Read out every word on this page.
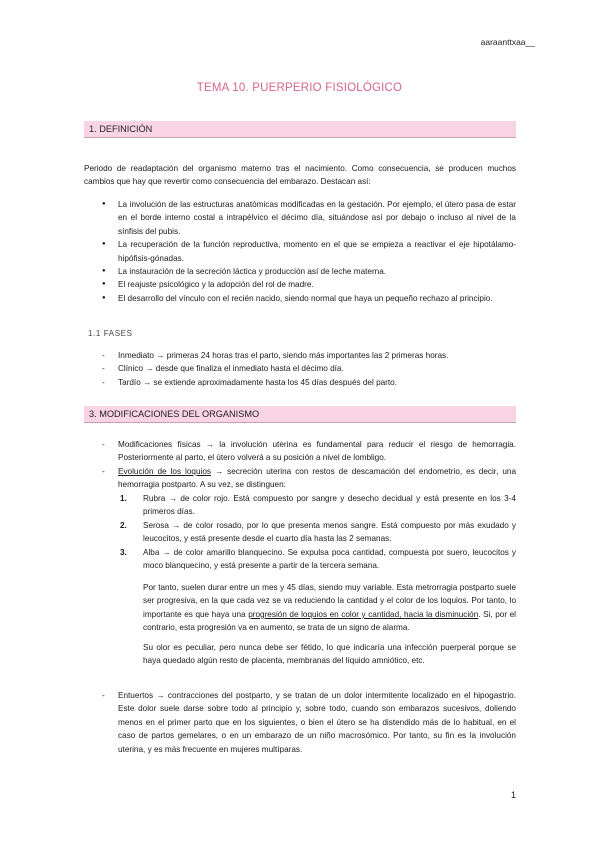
aaraanttxaa__
TEMA 10. PUERPERIO FISIOLÓGICO
1. DEFINICIÓN
Periodo de readaptación del organismo materno tras el nacimiento. Como consecuencia, se producen muchos cambios que hay que revertir como consecuencia del embarazo. Destacan así:
● La involución de las estructuras anatómicas modificadas en la gestación. Por ejemplo, el útero pasa de estar en el borde interno costal a intrapélvico el décimo día, situándose así por debajo o incluso al nivel de la sínfisis del pubis.
● La recuperación de la función reproductiva, momento en el que se empieza a reactivar el eje hipotálamo-hipófisis-gónadas.
● La instauración de la secreción láctica y producción así de leche materna.
● El reajuste psicológico y la adopción del rol de madre.
● El desarrollo del vínculo con el recién nacido, siendo normal que haya un pequeño rechazo al principio.
1.1 FASES
- Inmediato → primeras 24 horas tras el parto, siendo más importantes las 2 primeras horas.
- Clínico → desde que finaliza el inmediato hasta el décimo día.
- Tardío → se extiende aproximadamente hasta los 45 días después del parto.
3. MODIFICACIONES DEL ORGANISMO
- Modificaciones físicas → la involución uterina es fundamental para reducir el riesgo de hemorragia. Posteriormente al parto, el útero volverá a su posición a nivel de lombligo.
- Evolución de los loquios → secreción uterina con restos de descamación del endometrio, es decir, una hemorragia postparto. A su vez, se distinguen:
1. Rubra → de color rojo. Está compuesto por sangre y desecho decidual y está presente en los 3-4 primeros días.
2. Serosa → de color rosado, por lo que presenta menos sangre. Está compuesto por más exudado y leucocitos, y está presente desde el cuarto día hasta las 2 semanas.
3. Alba → de color amarillo blanquecino. Se expulsa poca cantidad, compuesta por suero, leucocitos y moco blanquecino, y está presente a partir de la tercera semana.
Por tanto, suelen durar entre un mes y 45 días, siendo muy variable. Esta metrorragia postparto suele ser progresiva, en la que cada vez se va reduciendo la cantidad y el color de los loquios. Por tanto, lo importante es que haya una progresión de loquios en color y cantidad, hacia la disminución. Si, por el contrario, esta progresión va en aumento, se trata de un signo de alarma.
Su olor es peculiar, pero nunca debe ser fétido, lo que indicaría una infección puerperal porque se haya quedado algún resto de placenta, membranas del líquido amniótico, etc.
- Entuertos → contracciones del postparto, y se tratan de un dolor intermitente localizado en el hipogastrio. Este dolor suele darse sobre todo al principio y, sobre todo, cuando son embarazos sucesivos, doliendo menos en el primer parto que en los siguientes, o bien el útero se ha distendido más de lo habitual, en el caso de partos gemelares, o en un embarazo de un niño macrosómico. Por tanto, su fin es la involución uterina, y es más frecuente en mujeres multíparas.
1
